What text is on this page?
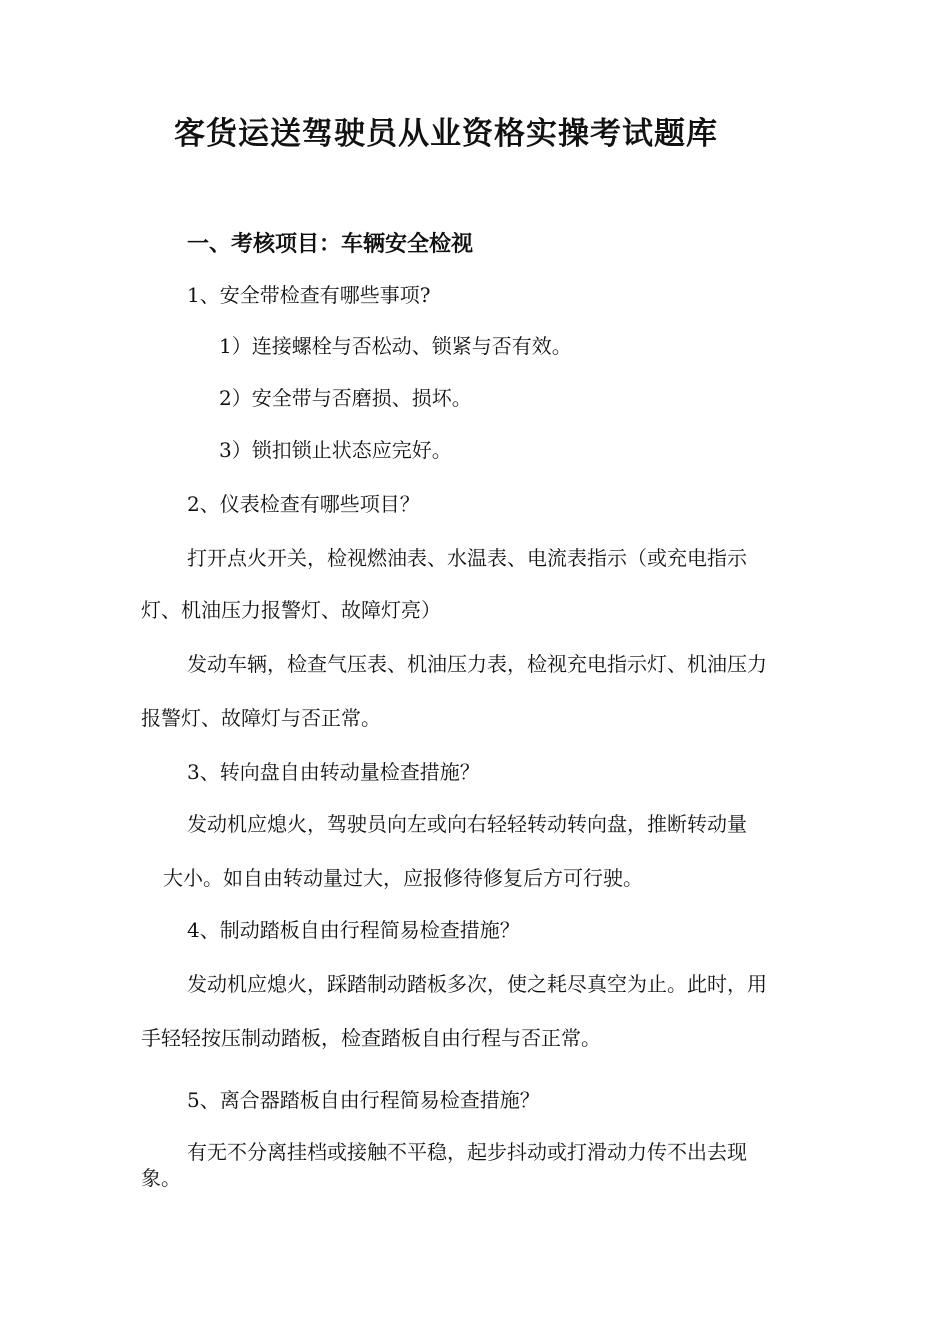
客货运送驾驶员从业资格实操考试题库
一、考核项目：车辆安全检视

1、安全带检查有哪些事项?

1）连接螺栓与否松动、锁紧与否有效。

2）安全带与否磨损、损坏。

3）锁扣锁止状态应完好。

2、仪表检查有哪些项目？

打开点火开关，检视燃油表、水温表、电流表指示（或充电指示

灯、机油压力报警灯、故障灯亮）

发动车辆，检查气压表、机油压力表，检视充电指示灯、机油压力

报警灯、故障灯与否正常。

3、转向盘自由转动量检查措施？

发动机应熄火，驾驶员向左或向右轻轻转动转向盘，推断转动量

大小。如自由转动量过大，应报修待修复后方可行驶。

4、制动踏板自由行程简易检查措施？

发动机应熄火，踩踏制动踏板多次，使之耗尽真空为止。此时，用

手轻轻按压制动踏板，检查踏板自由行程与否正常。

5、离合器踏板自由行程简易检查措施？

有无不分离挂档或接触不平稳，起步抖动或打滑动力传不出去现

象。
